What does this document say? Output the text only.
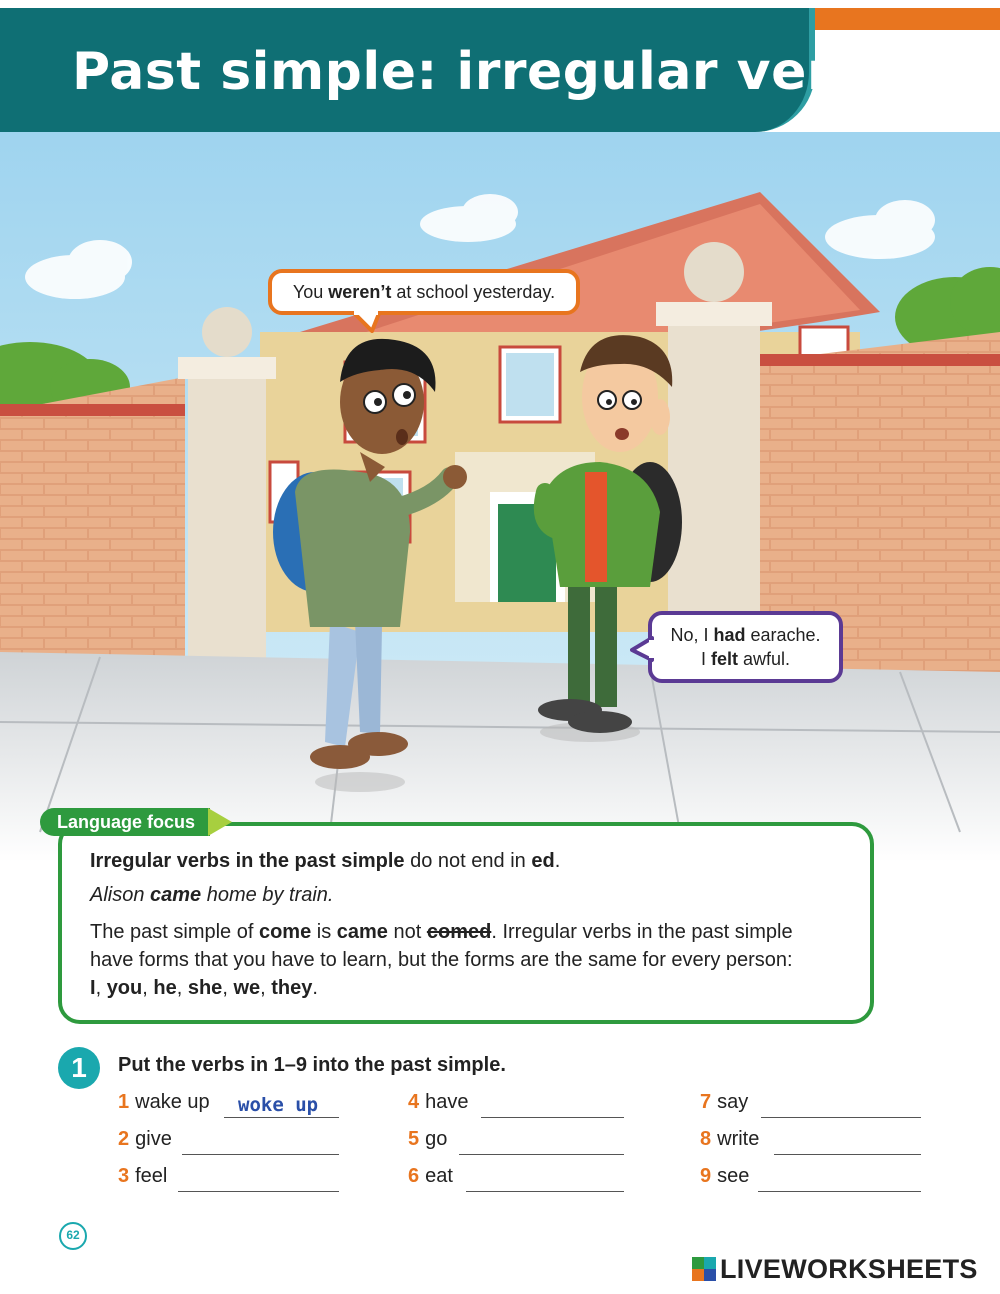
Past simple: irregular verbs
You weren’t at school yesterday.
No, I had earache.
I felt awful.
Language focus
Irregular verbs in the past simple do not end in ed.
Alison came home by train.
The past simple of come is came not comed. Irregular verbs in the past simple
have forms that you have to learn, but the forms are the same for every person:
I, you, he, she, we, they.
1	Put the verbs in 1–9 into the past simple.
1 wake up
woke up
2 give
3 feel
4 have
5 go
6 eat
7 say
8 write
9 see
62
LIVEWORKSHEETS
